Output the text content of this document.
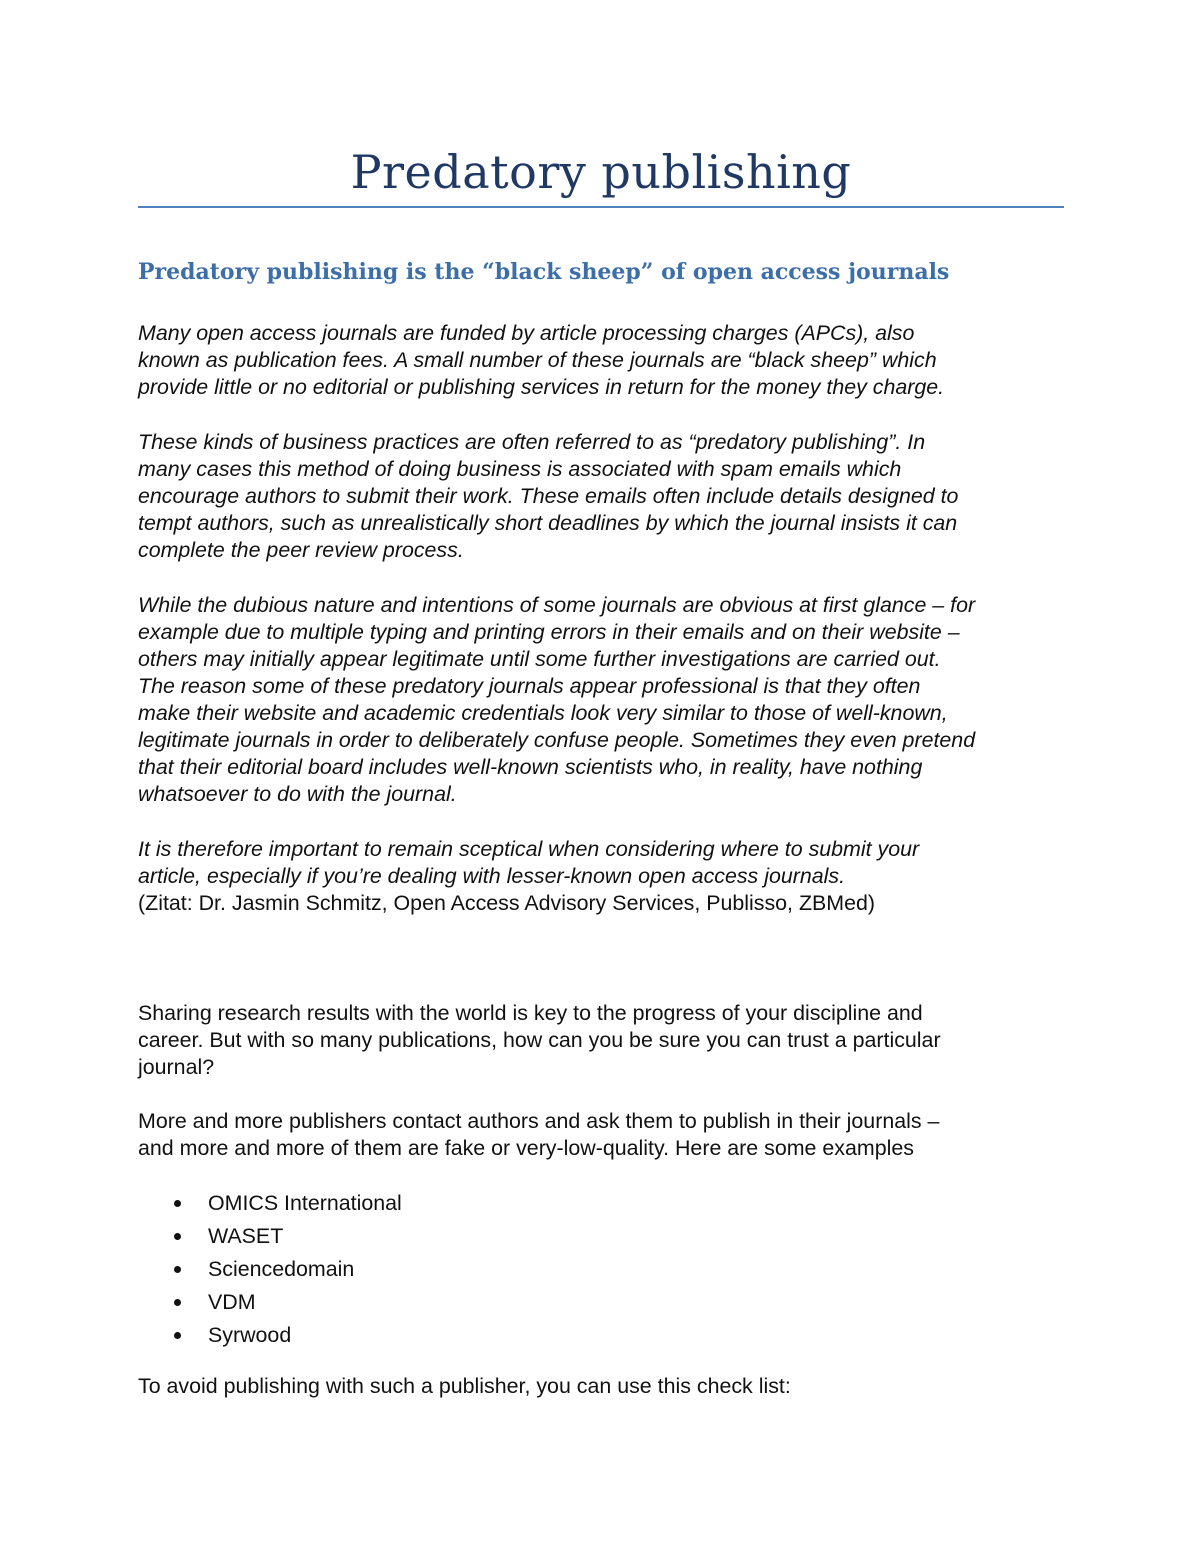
Predatory publishing
Predatory publishing is the “black sheep” of open access journals

Many open access journals are funded by article processing charges (APCs), also
known as publication fees. A small number of these journals are “black sheep” which
provide little or no editorial or publishing services in return for the money they charge.

These kinds of business practices are often referred to as “predatory publishing”. In
many cases this method of doing business is associated with spam emails which
encourage authors to submit their work. These emails often include details designed to
tempt authors, such as unrealistically short deadlines by which the journal insists it can
complete the peer review process.

While the dubious nature and intentions of some journals are obvious at first glance – for
example due to multiple typing and printing errors in their emails and on their website –
others may initially appear legitimate until some further investigations are carried out.
The reason some of these predatory journals appear professional is that they often
make their website and academic credentials look very similar to those of well-known,
legitimate journals in order to deliberately confuse people. Sometimes they even pretend
that their editorial board includes well-known scientists who, in reality, have nothing
whatsoever to do with the journal.

It is therefore important to remain sceptical when considering where to submit your
article, especially if you’re dealing with lesser-known open access journals.
(Zitat: Dr. Jasmin Schmitz, Open Access Advisory Services, Publisso, ZBMed)

Sharing research results with the world is key to the progress of your discipline and
career. But with so many publications, how can you be sure you can trust a particular
journal?

More and more publishers contact authors and ask them to publish in their journals –
and more and more of them are fake or very-low-quality. Here are some examples

OMICS International
WASET
Sciencedomain
VDM
Syrwood

To avoid publishing with such a publisher, you can use this check list:
